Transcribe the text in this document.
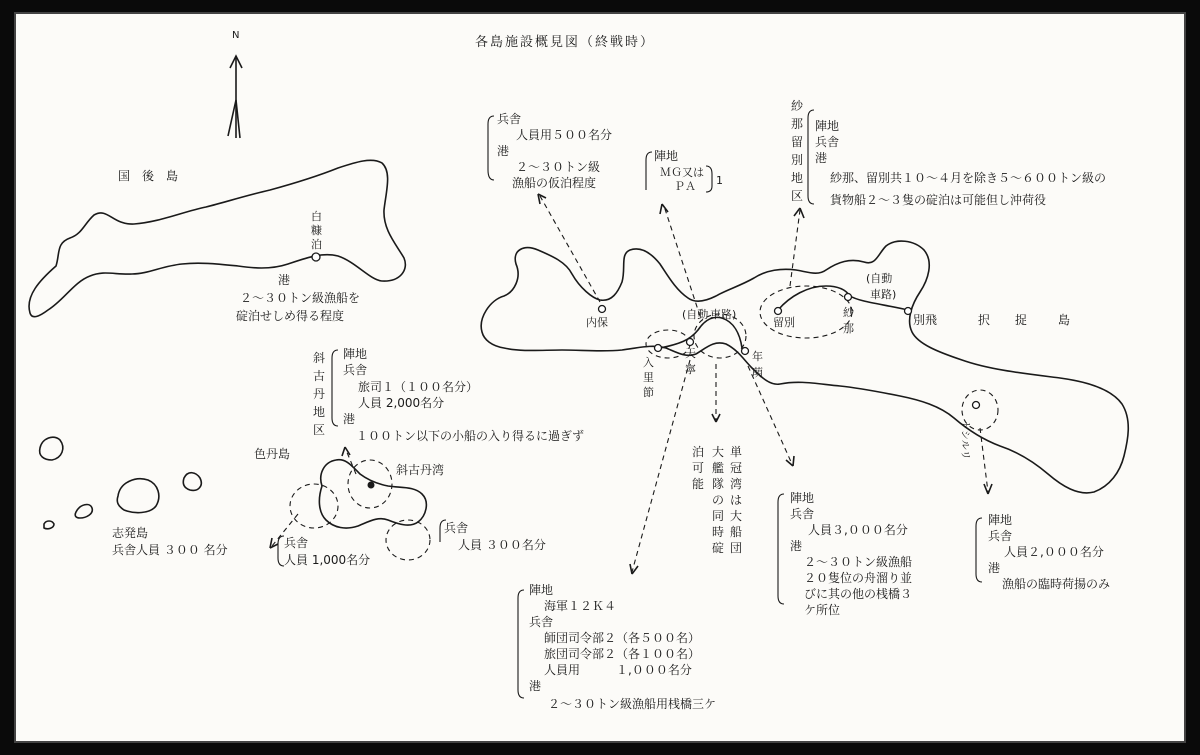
各島施設概見図（終戦時）
N
国　後　島
白
糠
泊
港
２〜３０トン級漁船を
碇泊せしめ得る程度	別飛	択 捉	島
内保
入
里
節
天
寧
年
萌
留別
紗
那
トシルリ
(自動 車路)
(自動
車路)
兵舎
人員用５００名分
港
２〜３０トン級
漁船の仮泊程度
陣地
ＭＧ又は
ＰＡ 1
紗
那
留
別
地
区
陣地
兵舎
港
紗那、留別共１０〜４月を除き５〜６００トン級の
貨物船２〜３隻の碇泊は可能但し沖荷役
単
冠
湾
は
大
船
団
大
艦
隊
の
同
時
碇
泊
可
能
陣地
海軍１２Ｋ４
兵舎
師団司令部２（各５００名）
旅団司令部２（各１００名）
人員用　　　１,０００名分
港
２〜３０トン級漁船用桟橋三ケ
陣地
兵舎
人員３,０００名分
港
２〜３０トン級漁船
２０隻位の舟溜り並
びに其の他の桟橋３
ケ所位
陣地
兵舎
人員２,０００名分
港
漁船の臨時荷揚のみ
斜
古
丹
地
区
陣地
兵舎
旅司１（１００名分）
人員 2,000名分
港
１００トン以下の小船の入り得るに過ぎず
色丹島
斜古丹湾
兵舎
人員 1,000名分
兵舎
人員 ３００名分
志発島
兵舎人員 ３００ 名分
